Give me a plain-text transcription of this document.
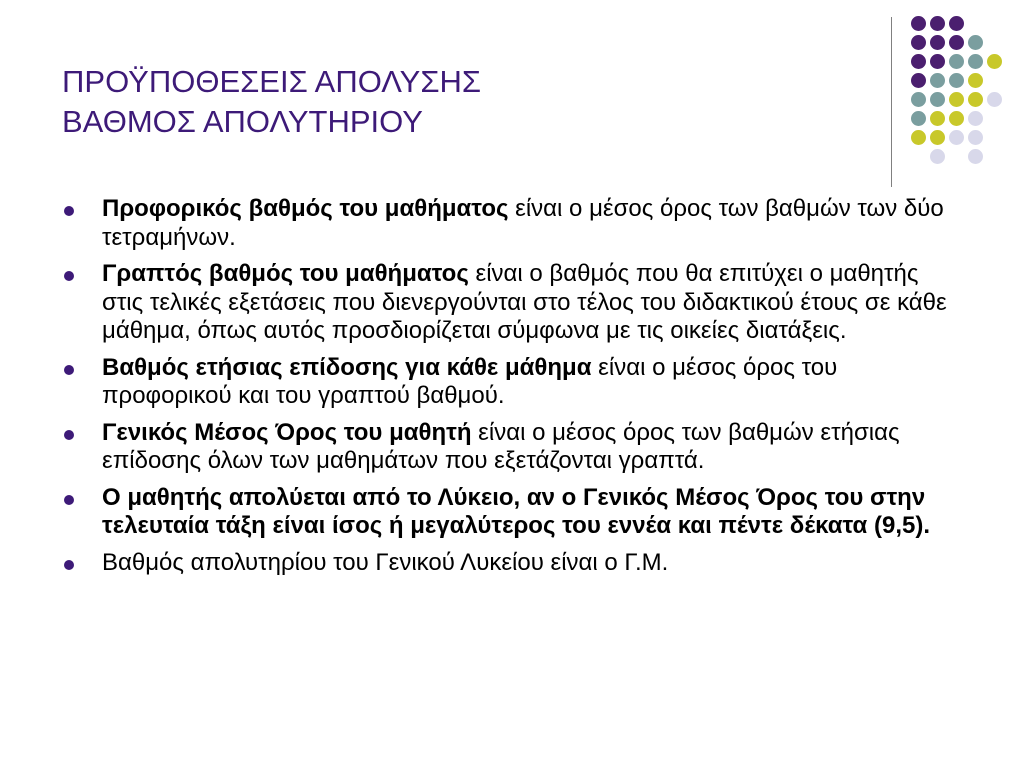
ΠΡΟΫΠΟΘΕΣΕΙΣ ΑΠΟΛΥΣΗΣ
ΒΑΘΜΟΣ ΑΠΟΛΥΤΗΡΙΟΥ
Προφορικός βαθμός του μαθήματος είναι ο μέσος όρος των βαθμών των δύο τετραμήνων.
Γραπτός βαθμός του μαθήματος είναι ο βαθμός που θα επιτύχει ο μαθητής στις τελικές εξετάσεις που διενεργούνται στο τέλος του διδακτικού έτους σε κάθε μάθημα, όπως αυτός προσδιορίζεται σύμφωνα με τις οικείες διατάξεις.
Βαθμός ετήσιας επίδοσης για κάθε μάθημα είναι ο μέσος όρος του προφορικού και του γραπτού βαθμού.
Γενικός Μέσος Όρος του μαθητή είναι ο μέσος όρος των βαθμών ετήσιας επίδοσης όλων των μαθημάτων που εξετάζονται γραπτά.
Ο μαθητής απολύεται από το Λύκειο, αν ο Γενικός Μέσος Όρος του στην τελευταία τάξη είναι ίσος ή μεγαλύτερος του εννέα και πέντε δέκατα (9,5).
Βαθμός απολυτηρίου του Γενικού Λυκείου είναι ο Γ.Μ.
